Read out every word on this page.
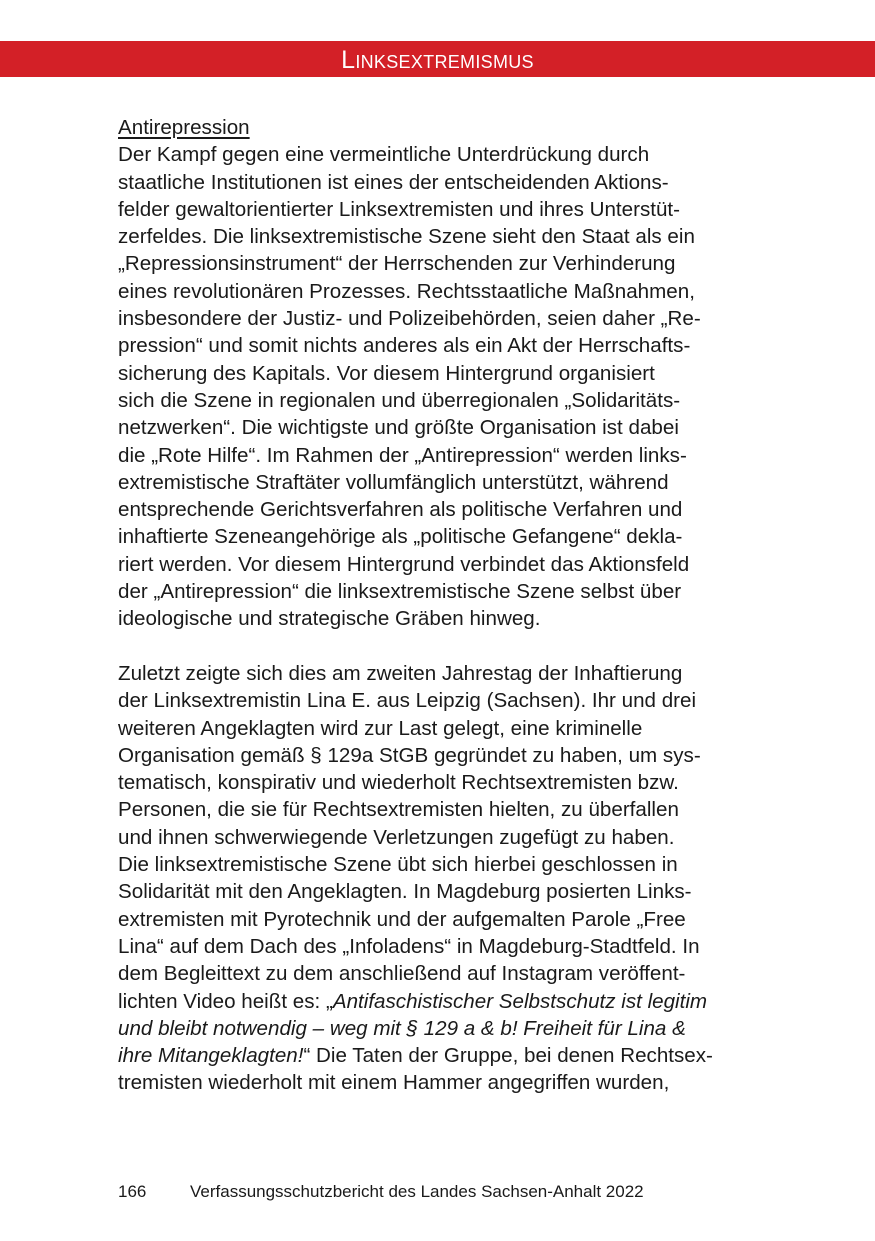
Linksextremismus

Antirepression

Der Kampf gegen eine vermeintliche Unterdrückung durch
staatliche Institutionen ist eines der entscheidenden Aktions-
felder gewaltorientierter Linksextremisten und ihres Unterstüt-
zerfeldes. Die linksextremistische Szene sieht den Staat als ein
„Repressionsinstrument“ der Herrschenden zur Verhinderung
eines revolutionären Prozesses. Rechtsstaatliche Maßnahmen,
insbesondere der Justiz- und Polizeibehörden, seien daher „Re-
pression“ und somit nichts anderes als ein Akt der Herrschafts-
sicherung des Kapitals. Vor diesem Hintergrund organisiert
sich die Szene in regionalen und überregionalen „Solidaritäts-
netzwerken“. Die wichtigste und größte Organisation ist dabei
die „Rote Hilfe“. Im Rahmen der „Antirepression“ werden links-
extremistische Straftäter vollumfänglich unterstützt, während
entsprechende Gerichtsverfahren als politische Verfahren und
inhaftierte Szeneangehörige als „politische Gefangene“ dekla-
riert werden. Vor diesem Hintergrund verbindet das Aktionsfeld
der „Antirepression“ die linksextremistische Szene selbst über
ideologische und strategische Gräben hinweg.

Zuletzt zeigte sich dies am zweiten Jahrestag der Inhaftierung
der Linksextremistin Lina E. aus Leipzig (Sachsen). Ihr und drei
weiteren Angeklagten wird zur Last gelegt, eine kriminelle
Organisation gemäß § 129a StGB gegründet zu haben, um sys-
tematisch, konspirativ und wiederholt Rechtsextremisten bzw.
Personen, die sie für Rechtsextremisten hielten, zu überfallen
und ihnen schwerwiegende Verletzungen zugefügt zu haben.
Die linksextremistische Szene übt sich hierbei geschlossen in
Solidarität mit den Angeklagten. In Magdeburg posierten Links-
extremisten mit Pyrotechnik und der aufgemalten Parole „Free
Lina“ auf dem Dach des „Infoladens“ in Magdeburg-Stadtfeld. In
dem Begleittext zu dem anschließend auf Instagram veröffent-
lichten Video heißt es: „Antifaschistischer Selbstschutz ist legitim
und bleibt notwendig – weg mit § 129 a & b! Freiheit für Lina &
ihre Mitangeklagten!“ Die Taten der Gruppe, bei denen Rechtsex-
tremisten wiederholt mit einem Hammer angegriffen wurden,

166	Verfassungsschutzbericht des Landes Sachsen-Anhalt 2022
